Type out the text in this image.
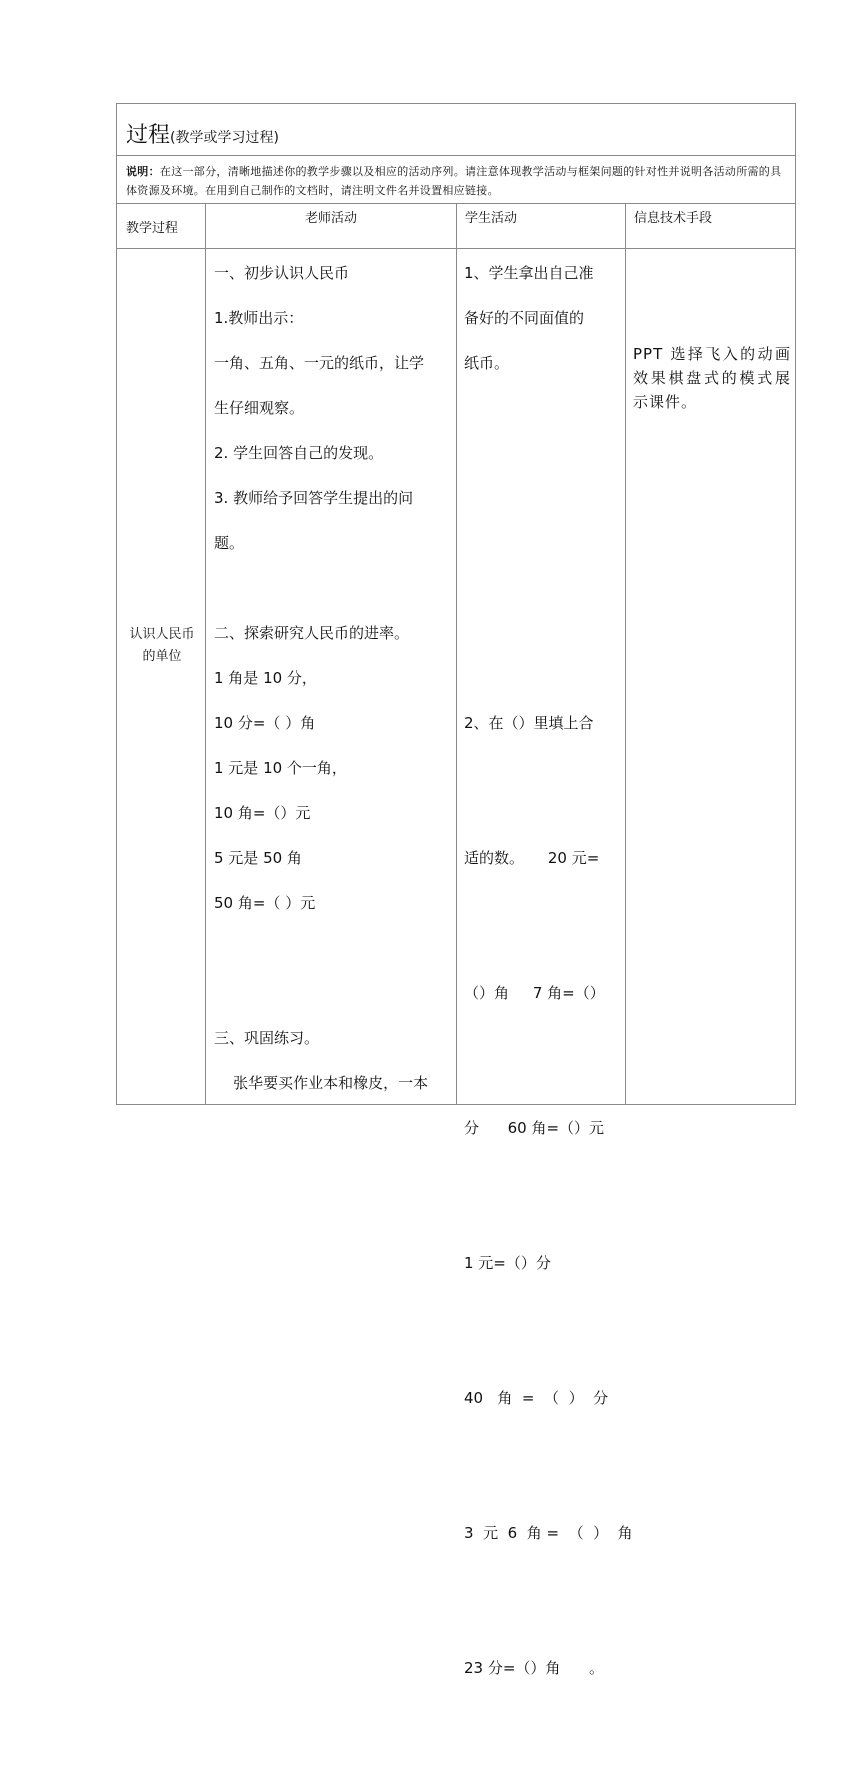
过程(教学或学习过程)
说明：在这一部分，清晰地描述你的教学步骤以及相应的活动序列。请注意体现教学活动与框架问题的针对性并说明各活动所需的具体资源及环境。在用到自己制作的文档时，请注明文件名并设置相应链接。
教学过程
老师活动	学生活动	信息技术手段
认识人民币
的单位
一、初步认识人民币
1.教师出示：
一角、五角、一元的纸币，让学
生仔细观察。
2. 学生回答自己的发现。
3. 教师给予回答学生提出的问
题。
二、探索研究人民币的进率。
1 角是 10 分，
10 分=（ ）角
1 元是 10 个一角，
10 角=（）元
5 元是 50 角
50 角=（ ）元
三、巩固练习。
张华要买作业本和橡皮，一本
1、学生拿出自己准
备好的不同面值的
纸币。

2、在（）里填上合

适的数。     20 元=

（）角     7 角=（）

分      60 角=（）元

1 元=（）分

40   角  =  （  ）  分

3  元  6  角 =  （  ）  角

23 分=（）角      。

PPT 选择飞入的动画效果棋盘式的模式展示课件。
